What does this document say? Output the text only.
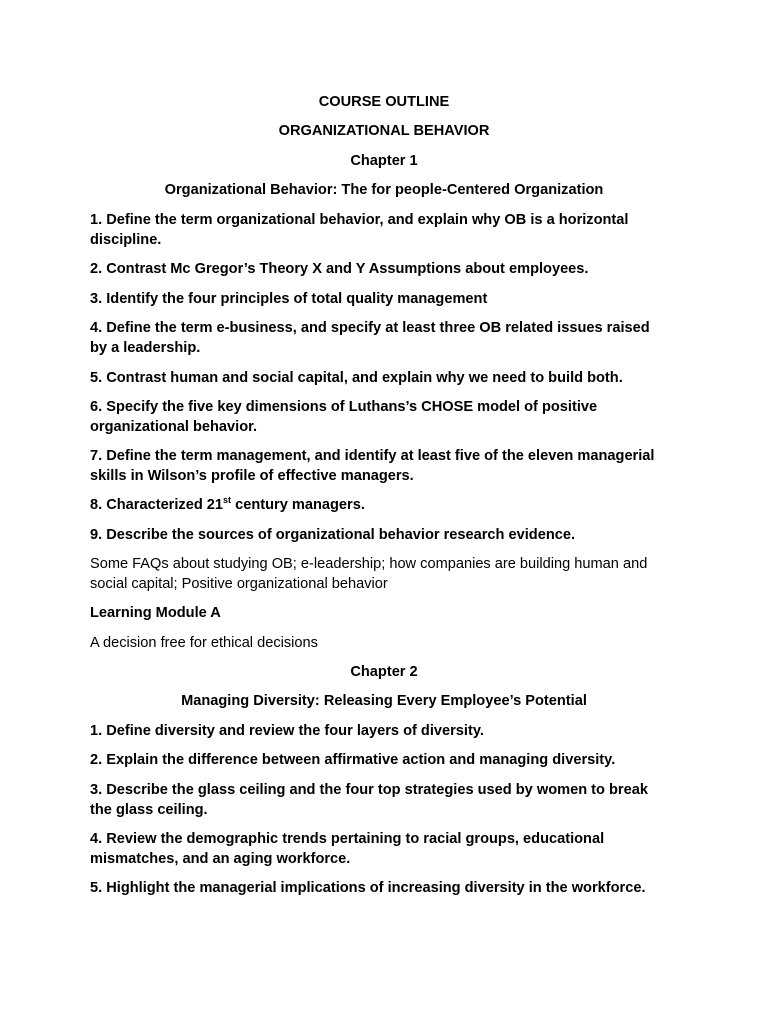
COURSE OUTLINE
ORGANIZATIONAL BEHAVIOR
Chapter 1
Organizational Behavior: The for people-Centered Organization
1. Define the term organizational behavior, and explain why OB is a horizontal
discipline.
2. Contrast Mc Gregor’s Theory X and Y Assumptions about employees.
3. Identify the four principles of total quality management
4. Define the term e-business, and specify at least three OB related issues raised
by a leadership.
5. Contrast human and social capital, and explain why we need to build both.
6. Specify the five key dimensions of Luthans’s CHOSE model of positive
organizational behavior.
7. Define the term management, and identify at least five of the eleven managerial
skills in Wilson’s profile of effective managers.
8. Characterized 21st century managers.
9. Describe the sources of organizational behavior research evidence.
Some FAQs about studying OB; e-leadership; how companies are building human and
social capital; Positive organizational behavior
Learning Module A
A decision free for ethical decisions
Chapter 2
Managing Diversity: Releasing Every Employee’s Potential
1. Define diversity and review the four layers of diversity.
2. Explain the difference between affirmative action and managing diversity.
3. Describe the glass ceiling and the four top strategies used by women to break
the glass ceiling.
4. Review the demographic trends pertaining to racial groups, educational
mismatches, and an aging workforce.
5. Highlight the managerial implications of increasing diversity in the workforce.
